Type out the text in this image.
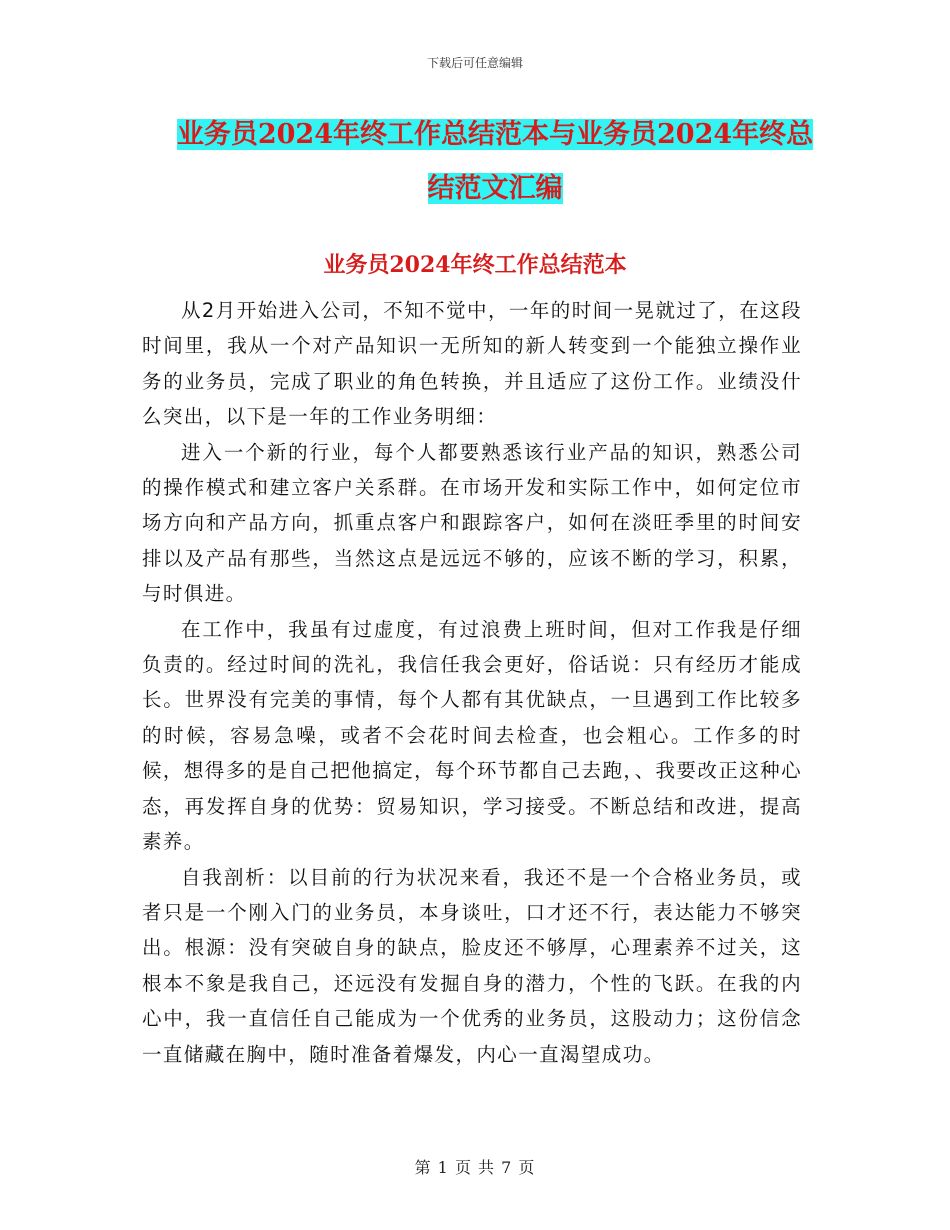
下载后可任意编辑
业务员2024年终工作总结范本与业务员2024年终总
结范文汇编
业务员2024年终工作总结范本

从2月开始进入公司，不知不觉中，一年的时间一晃就过了，在这段时间里，我从一个对产品知识一无所知的新人转变到一个能独立操作业务的业务员，完成了职业的角色转换，并且适应了这份工作。业绩没什么突出，以下是一年的工作业务明细：

进入一个新的行业，每个人都要熟悉该行业产品的知识，熟悉公司的操作模式和建立客户关系群。在市场开发和实际工作中，如何定位市场方向和产品方向，抓重点客户和跟踪客户，如何在淡旺季里的时间安排以及产品有那些，当然这点是远远不够的，应该不断的学习，积累，与时俱进。

在工作中，我虽有过虚度，有过浪费上班时间，但对工作我是仔细负责的。经过时间的洗礼，我信任我会更好，俗话说：只有经历才能成长。世界没有完美的事情，每个人都有其优缺点，一旦遇到工作比较多的时候，容易急噪，或者不会花时间去检查，也会粗心。工作多的时候，想得多的是自己把他搞定，每个环节都自己去跑，、我要改正这种心态，再发挥自身的优势：贸易知识，学习接受。不断总结和改进，提高素养。

自我剖析：以目前的行为状况来看，我还不是一个合格业务员，或者只是一个刚入门的业务员，本身谈吐，口才还不行，表达能力不够突出。根源：没有突破自身的缺点，脸皮还不够厚，心理素养不过关，这根本不象是我自己，还远没有发掘自身的潜力，个性的飞跃。在我的内心中，我一直信任自己能成为一个优秀的业务员，这股动力；这份信念一直储藏在胸中，随时准备着爆发，内心一直渴望成功。

第 1 页 共 7 页
